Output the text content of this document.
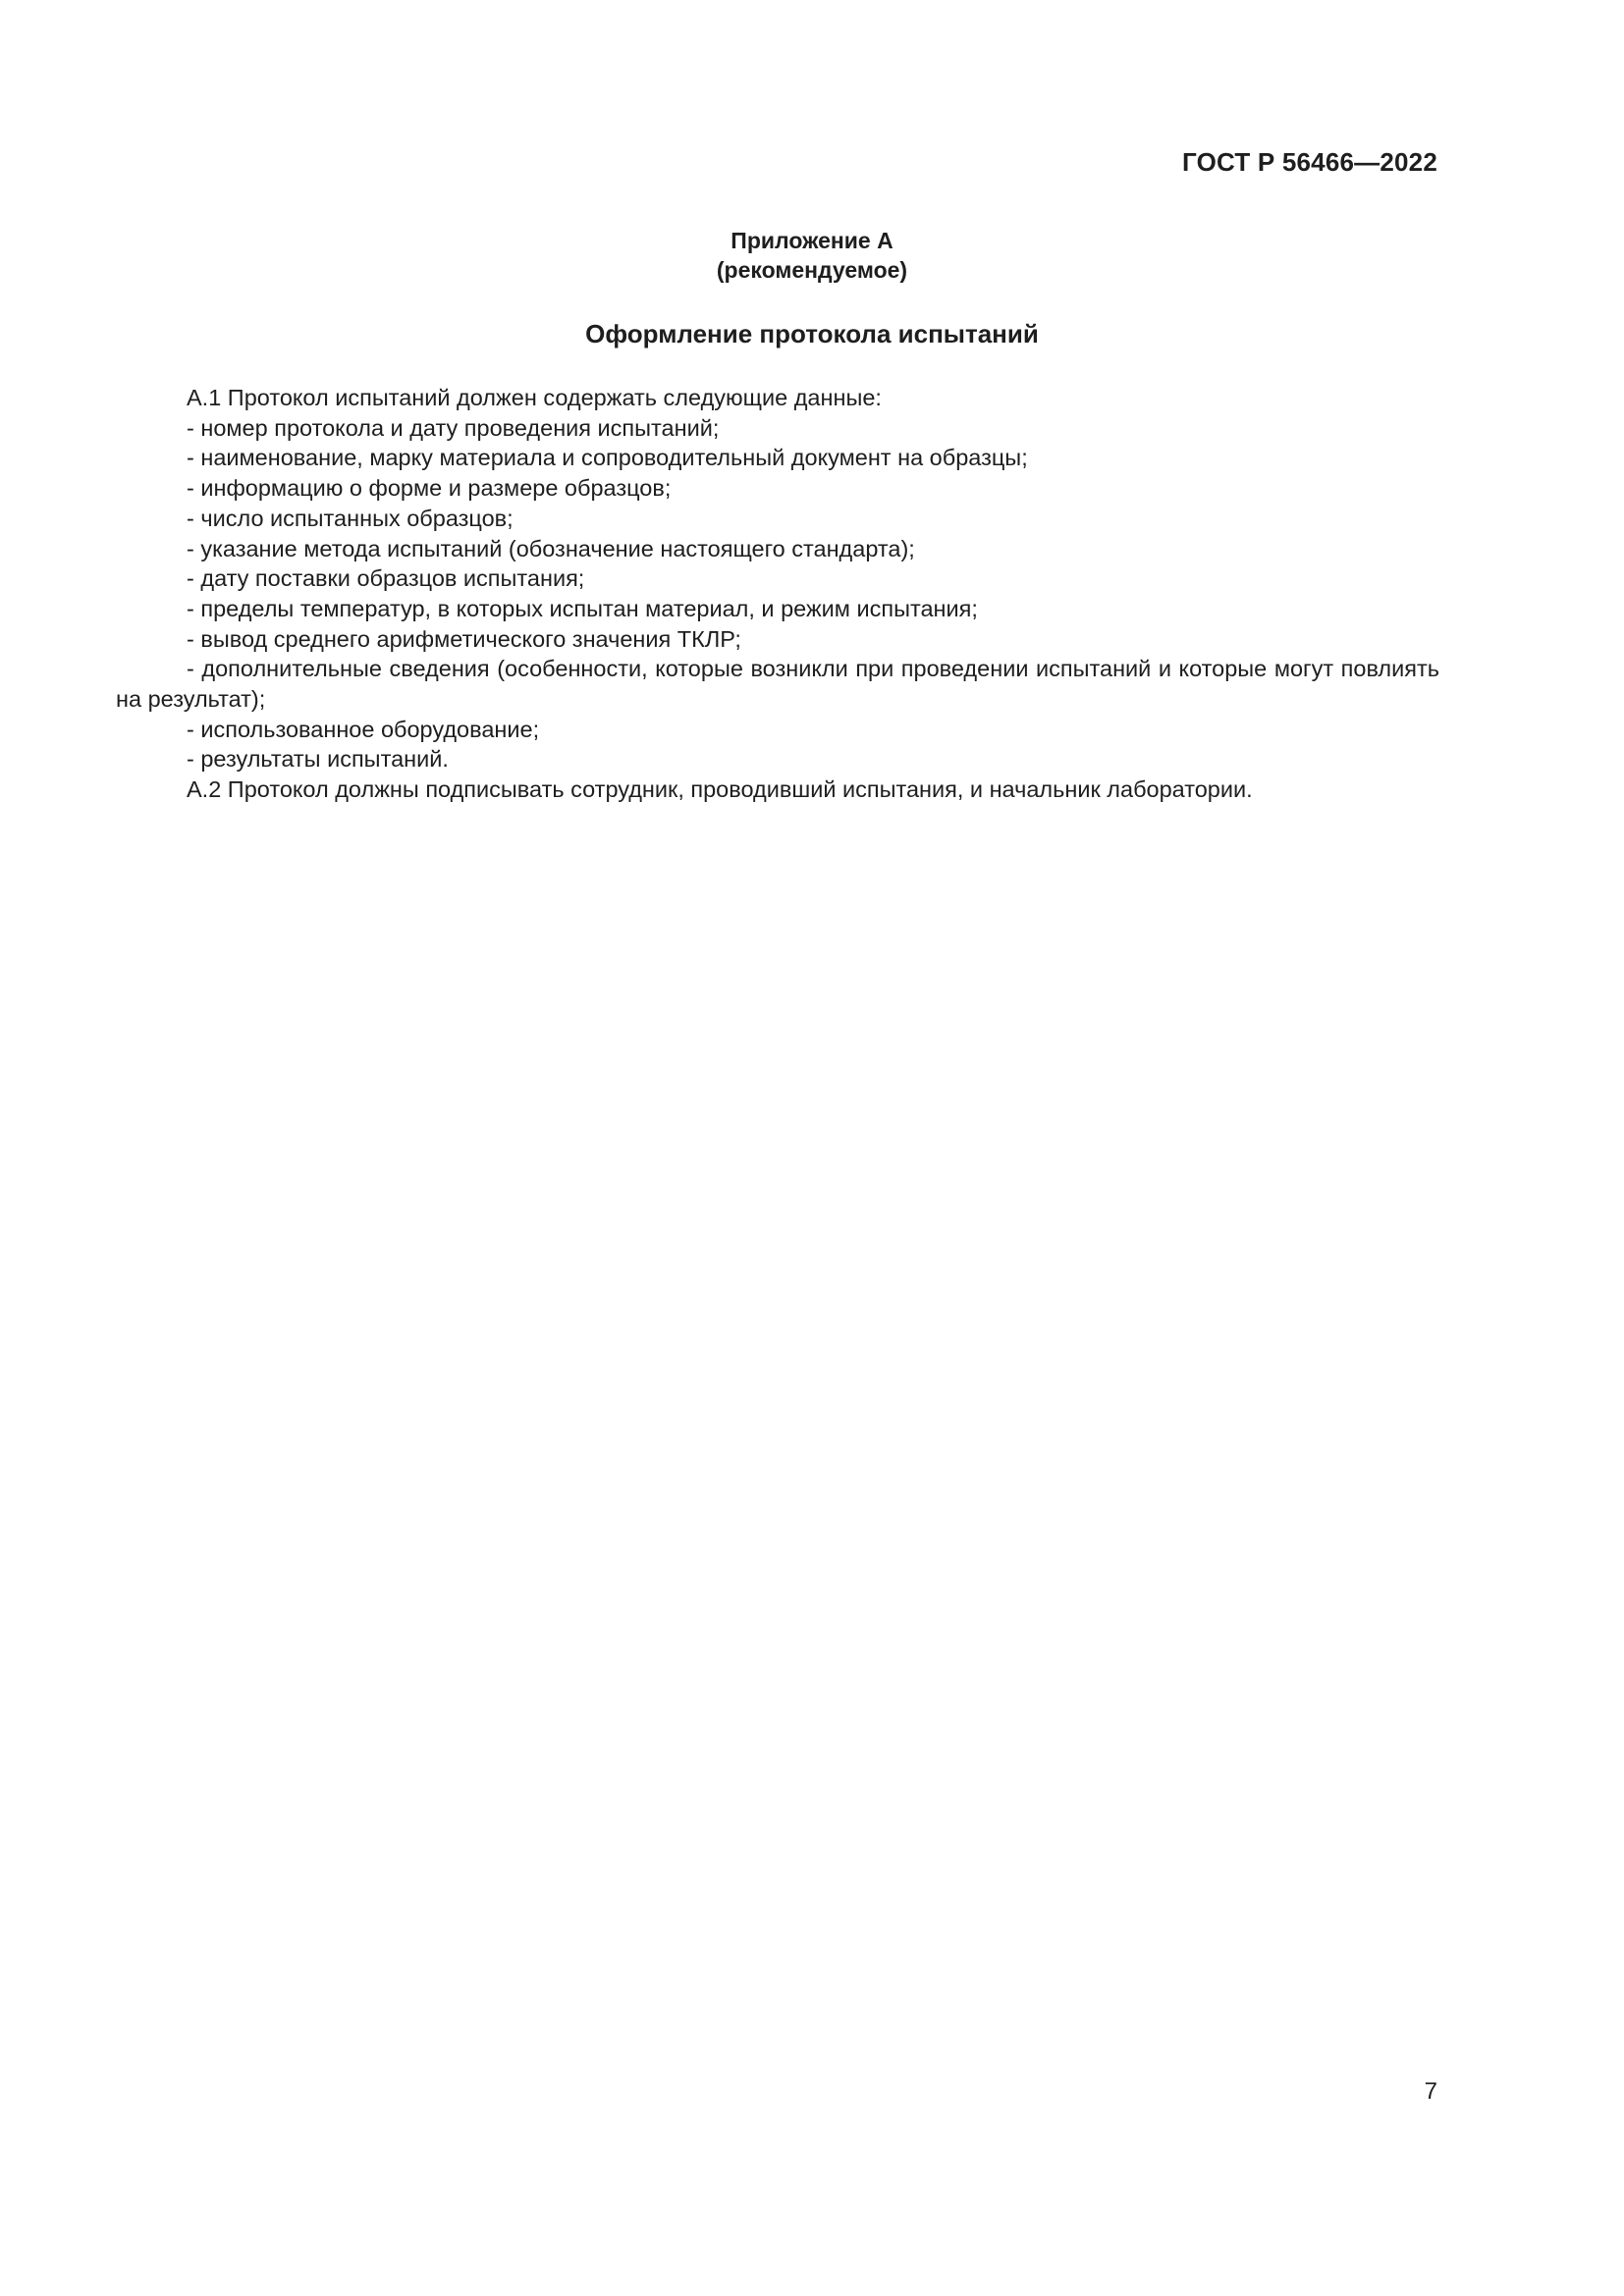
ГОСТ Р 56466—2022
Приложение А
(рекомендуемое)
Оформление протокола испытаний

А.1 Протокол испытаний должен содержать следующие данные:

- номер протокола и дату проведения испытаний;

- наименование, марку материала и сопроводительный документ на образцы;

- информацию о форме и размере образцов;

- число испытанных образцов;

- указание метода испытаний (обозначение настоящего стандарта);

- дату поставки образцов испытания;

- пределы температур, в которых испытан материал, и режим испытания;

- вывод среднего арифметического значения ТКЛР;

- дополнительные сведения (особенности, которые возникли при проведении испытаний и которые могут повлиять на результат);

- использованное оборудование;

- результаты испытаний.

А.2 Протокол должны подписывать сотрудник, проводивший испытания, и начальник лаборатории.

7
